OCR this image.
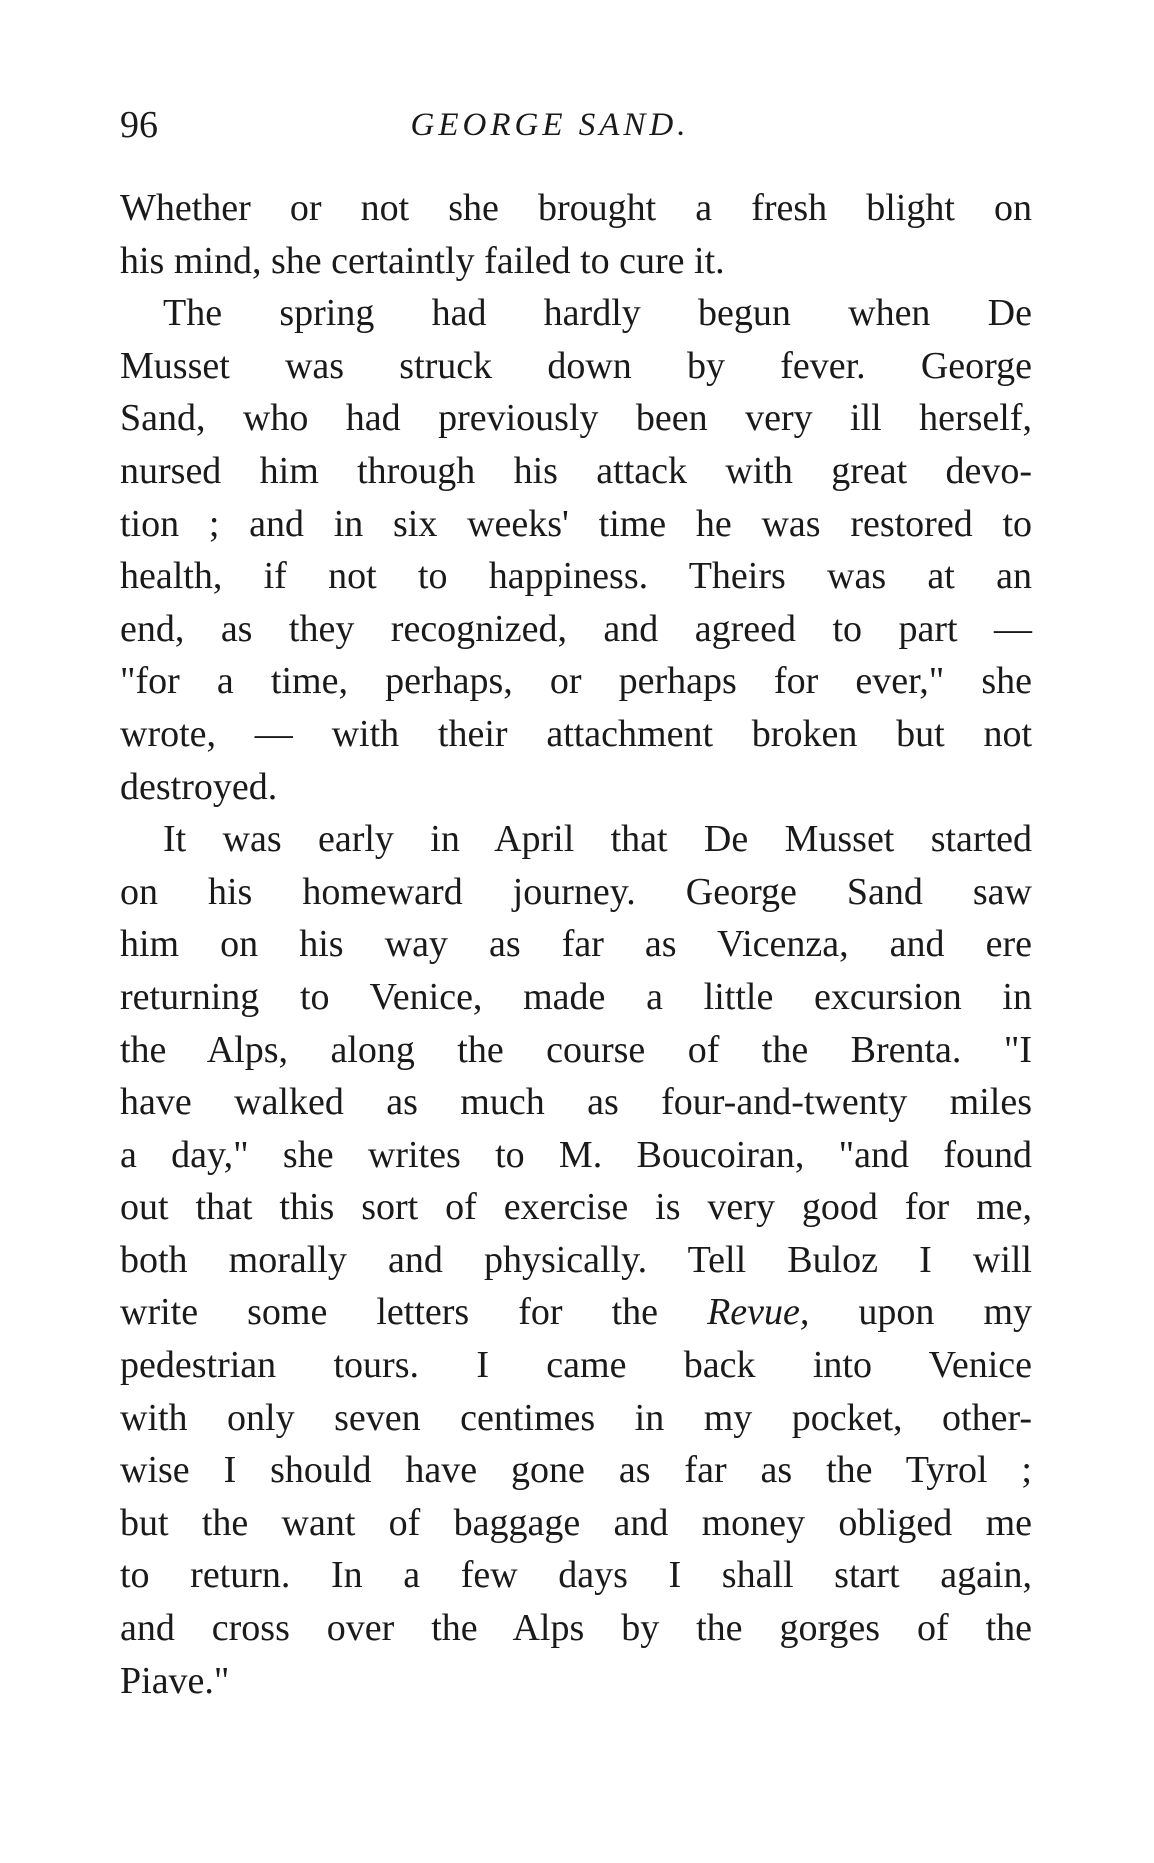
96	GEORGE SAND.
Whether or not she brought a fresh blight on
his mind, she certaintly failed to cure it.
The spring had hardly begun when De
Musset was struck down by fever. George
Sand, who had previously been very ill herself,
nursed him through his attack with great devo-
tion ; and in six weeks' time he was restored to
health, if not to happiness. Theirs was at an
end, as they recognized, and agreed to part —
"for a time, perhaps, or perhaps for ever," she
wrote, — with their attachment broken but not
destroyed.
It was early in April that De Musset started
on his homeward journey. George Sand saw
him on his way as far as Vicenza, and ere
returning to Venice, made a little excursion in
the Alps, along the course of the Brenta. "I
have walked as much as four-and-twenty miles
a day," she writes to M. Boucoiran, "and found
out that this sort of exercise is very good for me,
both morally and physically. Tell Buloz I will
write some letters for the Revue, upon my
pedestrian tours. I came back into Venice
with only seven centimes in my pocket, other-
wise I should have gone as far as the Tyrol ;
but the want of baggage and money obliged me
to return. In a few days I shall start again,
and cross over the Alps by the gorges of the
Piave."
